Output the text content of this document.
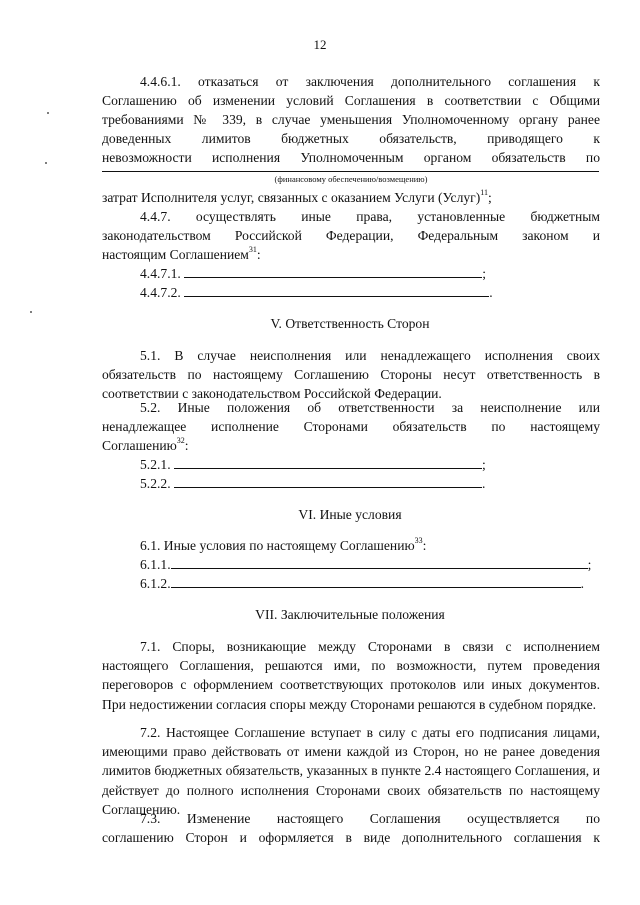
12
4.4.6.1. отказаться от заключения дополнительного соглашения к
Соглашению об изменении условий Соглашения в соответствии с Общими
требованиями № 339, в случае уменьшения Уполномоченному органу ранее
доведенных лимитов бюджетных обязательств, приводящего к
невозможности исполнения Уполномоченным органом обязательств по
(финансовому обеспечению/возмещению)
затрат Исполнителя услуг, связанных с оказанием Услуги (Услуг)$^{11}$;
4.4.7. осуществлять иные права, установленные бюджетным
законодательством Российской Федерации, Федеральным законом и
настоящим Соглашением$^{31}$:
4.4.7.1.	;
4.4.7.2.	.
V. Ответственность Сторон
5.1. В случае неисполнения или ненадлежащего исполнения своих обязательств по настоящему Соглашению Стороны несут ответственность в соответствии с законодательством Российской Федерации.
5.2. Иные положения об ответственности за неисполнение или
ненадлежащее исполнение Сторонами обязательств по настоящему
Соглашению$^{32}$:
5.2.1.	;
5.2.2.	.
VI. Иные условия
6.1. Иные условия по настоящему Соглашению$^{33}$:
6.1.1.	;
6.1.2.	.
VII. Заключительные положения
7.1. Споры, возникающие между Сторонами в связи с исполнением настоящего Соглашения, решаются ими, по возможности, путем проведения переговоров с оформлением соответствующих протоколов или иных документов. При недостижении согласия споры между Сторонами решаются в судебном порядке.
7.2. Настоящее Соглашение вступает в силу с даты его подписания лицами, имеющими право действовать от имени каждой из Сторон, но не ранее доведения лимитов бюджетных обязательств, указанных в пункте 2.4 настоящего Соглашения, и действует до полного исполнения Сторонами своих обязательств по настоящему Соглашению.
7.3. Изменение настоящего Соглашения осуществляется по
соглашению Сторон и оформляется в виде дополнительного соглашения к
